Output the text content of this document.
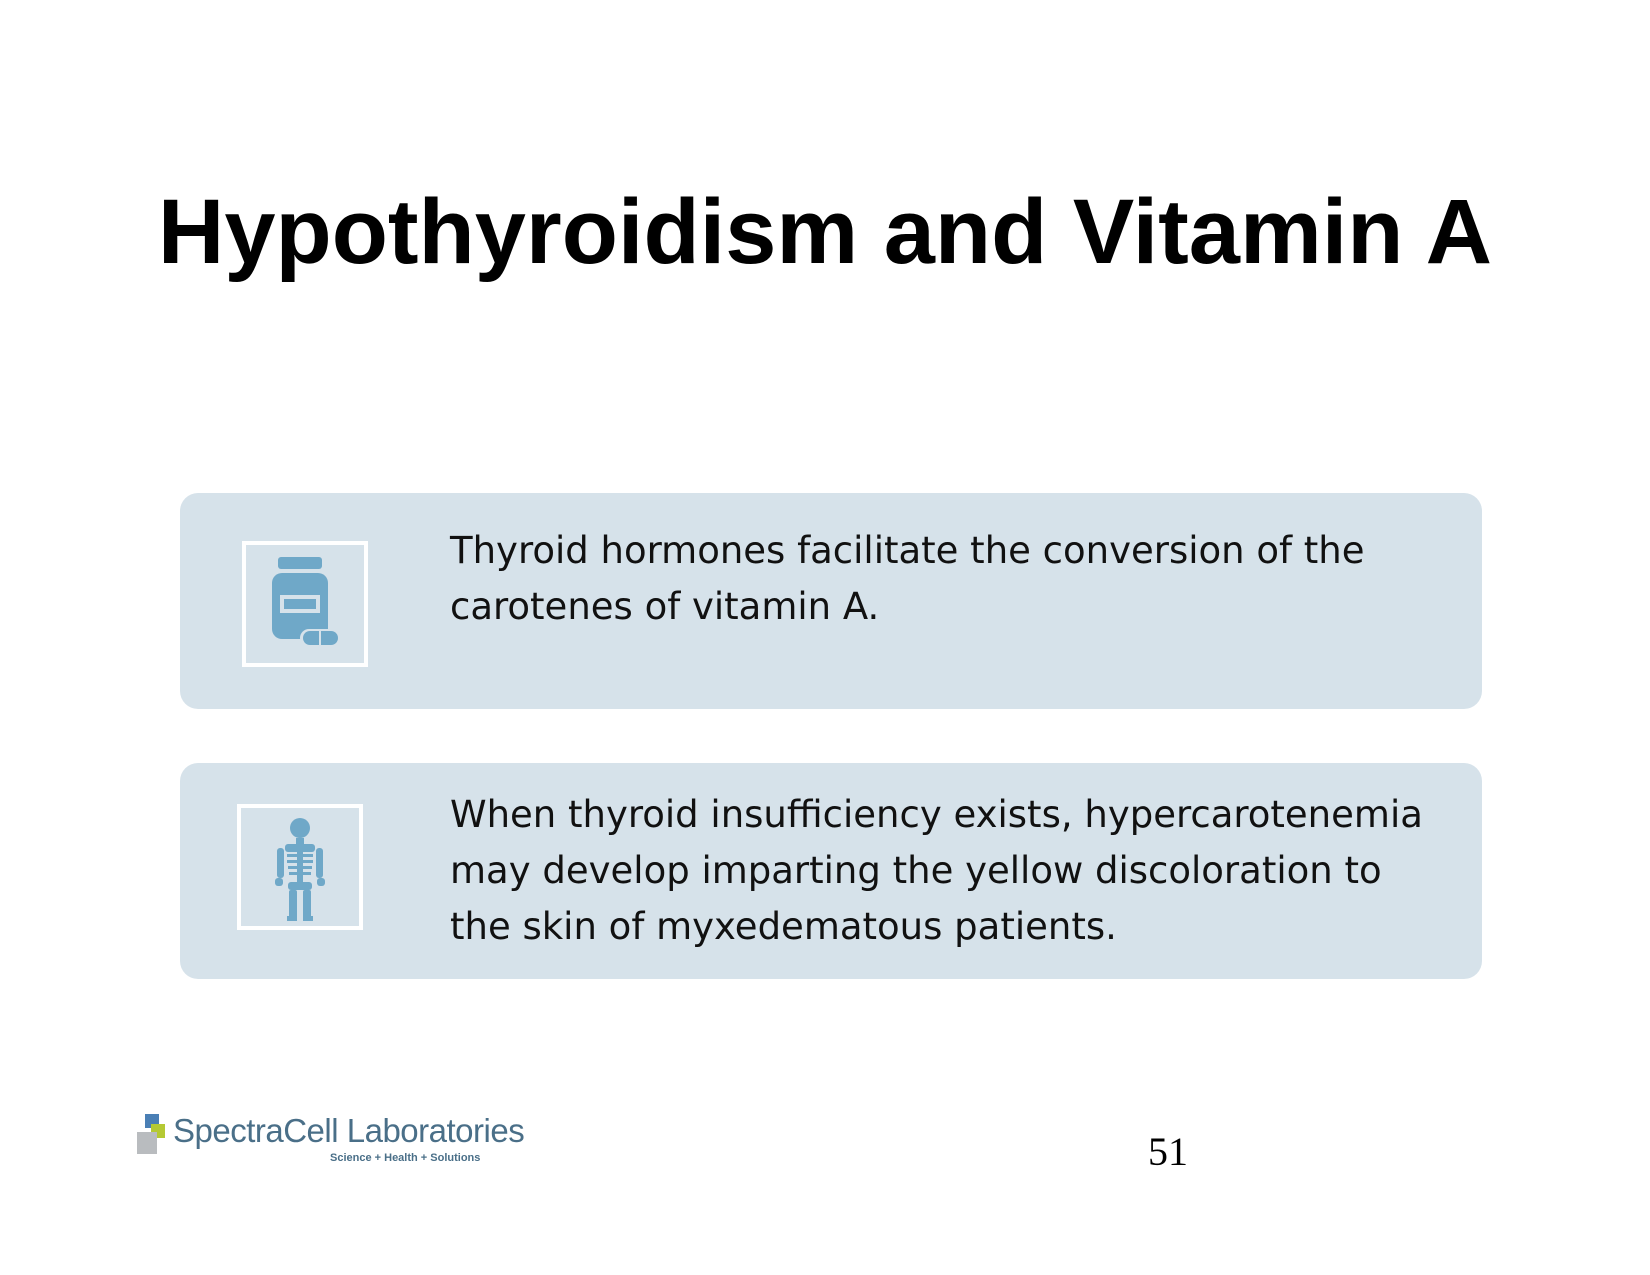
Hypothyroidism and Vitamin A
Thyroid hormones facilitate the conversion of the
carotenes of vitamin A.
When thyroid insufficiency exists, hypercarotenemia
may develop imparting the yellow discoloration to
the skin of myxedematous patients.
SpectraCell Laboratories
Science + Health + Solutions	51
